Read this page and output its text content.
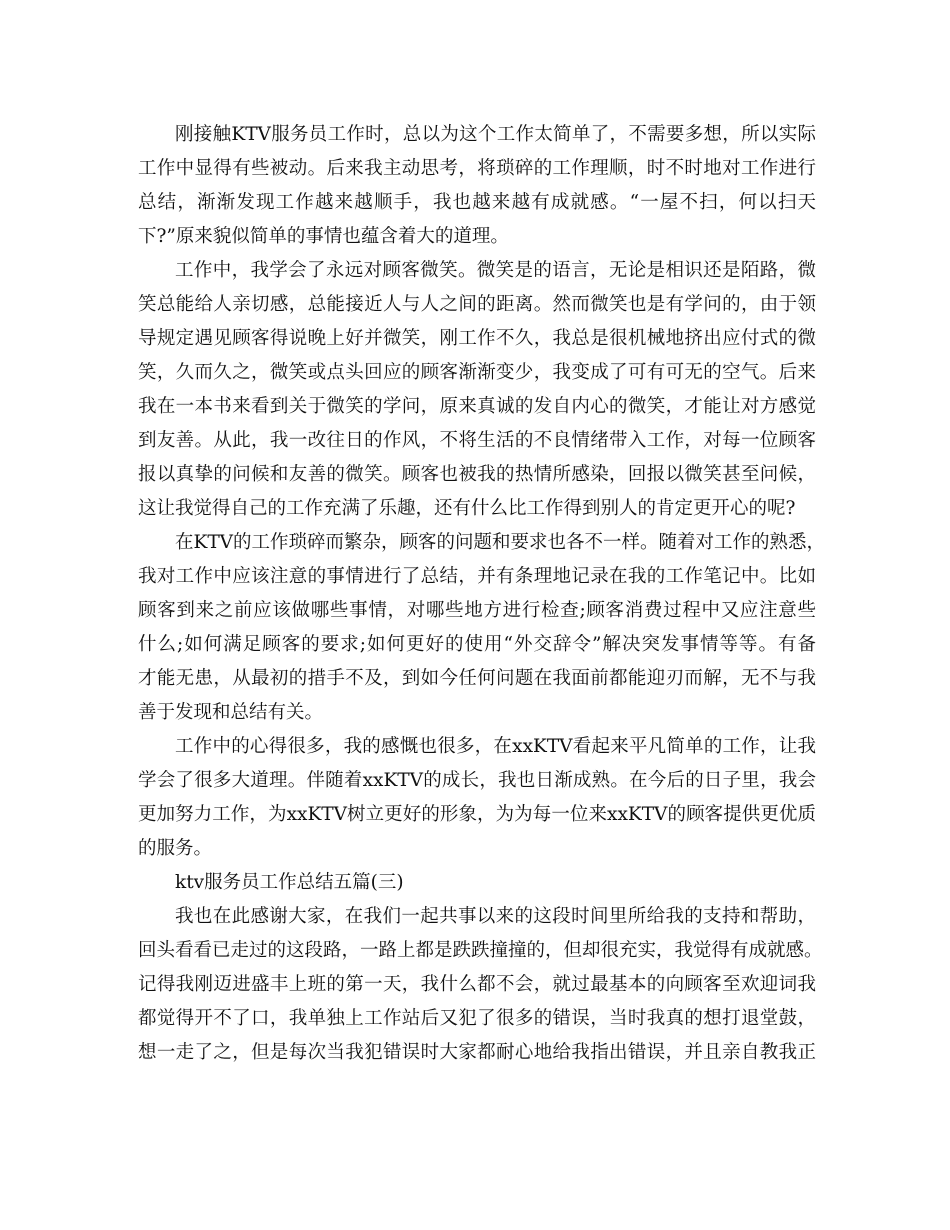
刚接触KTV服务员工作时，总以为这个工作太简单了，不需要多想，所以实际
工作中显得有些被动。后来我主动思考，将琐碎的工作理顺，时不时地对工作进行
总结，渐渐发现工作越来越顺手，我也越来越有成就感。“一屋不扫，何以扫天
下?”原来貌似简单的事情也蕴含着大的道理。
工作中，我学会了永远对顾客微笑。微笑是的语言，无论是相识还是陌路，微
笑总能给人亲切感，总能接近人与人之间的距离。然而微笑也是有学问的，由于领
导规定遇见顾客得说晚上好并微笑，刚工作不久，我总是很机械地挤出应付式的微
笑，久而久之，微笑或点头回应的顾客渐渐变少，我变成了可有可无的空气。后来
我在一本书来看到关于微笑的学问，原来真诚的发自内心的微笑，才能让对方感觉
到友善。从此，我一改往日的作风，不将生活的不良情绪带入工作，对每一位顾客
报以真挚的问候和友善的微笑。顾客也被我的热情所感染，回报以微笑甚至问候，
这让我觉得自己的工作充满了乐趣，还有什么比工作得到别人的肯定更开心的呢?
在KTV的工作琐碎而繁杂，顾客的问题和要求也各不一样。随着对工作的熟悉，
我对工作中应该注意的事情进行了总结，并有条理地记录在我的工作笔记中。比如
顾客到来之前应该做哪些事情，对哪些地方进行检查;顾客消费过程中又应注意些
什么;如何满足顾客的要求;如何更好的使用“外交辞令”解决突发事情等等。有备
才能无患，从最初的措手不及，到如今任何问题在我面前都能迎刃而解，无不与我
善于发现和总结有关。
工作中的心得很多，我的感慨也很多，在xxKTV看起来平凡简单的工作，让我
学会了很多大道理。伴随着xxKTV的成长，我也日渐成熟。在今后的日子里，我会
更加努力工作，为xxKTV树立更好的形象，为为每一位来xxKTV的顾客提供更优质
的服务。
ktv服务员工作总结五篇(三)
我也在此感谢大家，在我们一起共事以来的这段时间里所给我的支持和帮助，
回头看看已走过的这段路，一路上都是跌跌撞撞的，但却很充实，我觉得有成就感。
记得我刚迈进盛丰上班的第一天，我什么都不会，就过最基本的向顾客至欢迎词我
都觉得开不了口，我单独上工作站后又犯了很多的错误，当时我真的想打退堂鼓，
想一走了之，但是每次当我犯错误时大家都耐心地给我指出错误，并且亲自教我正
